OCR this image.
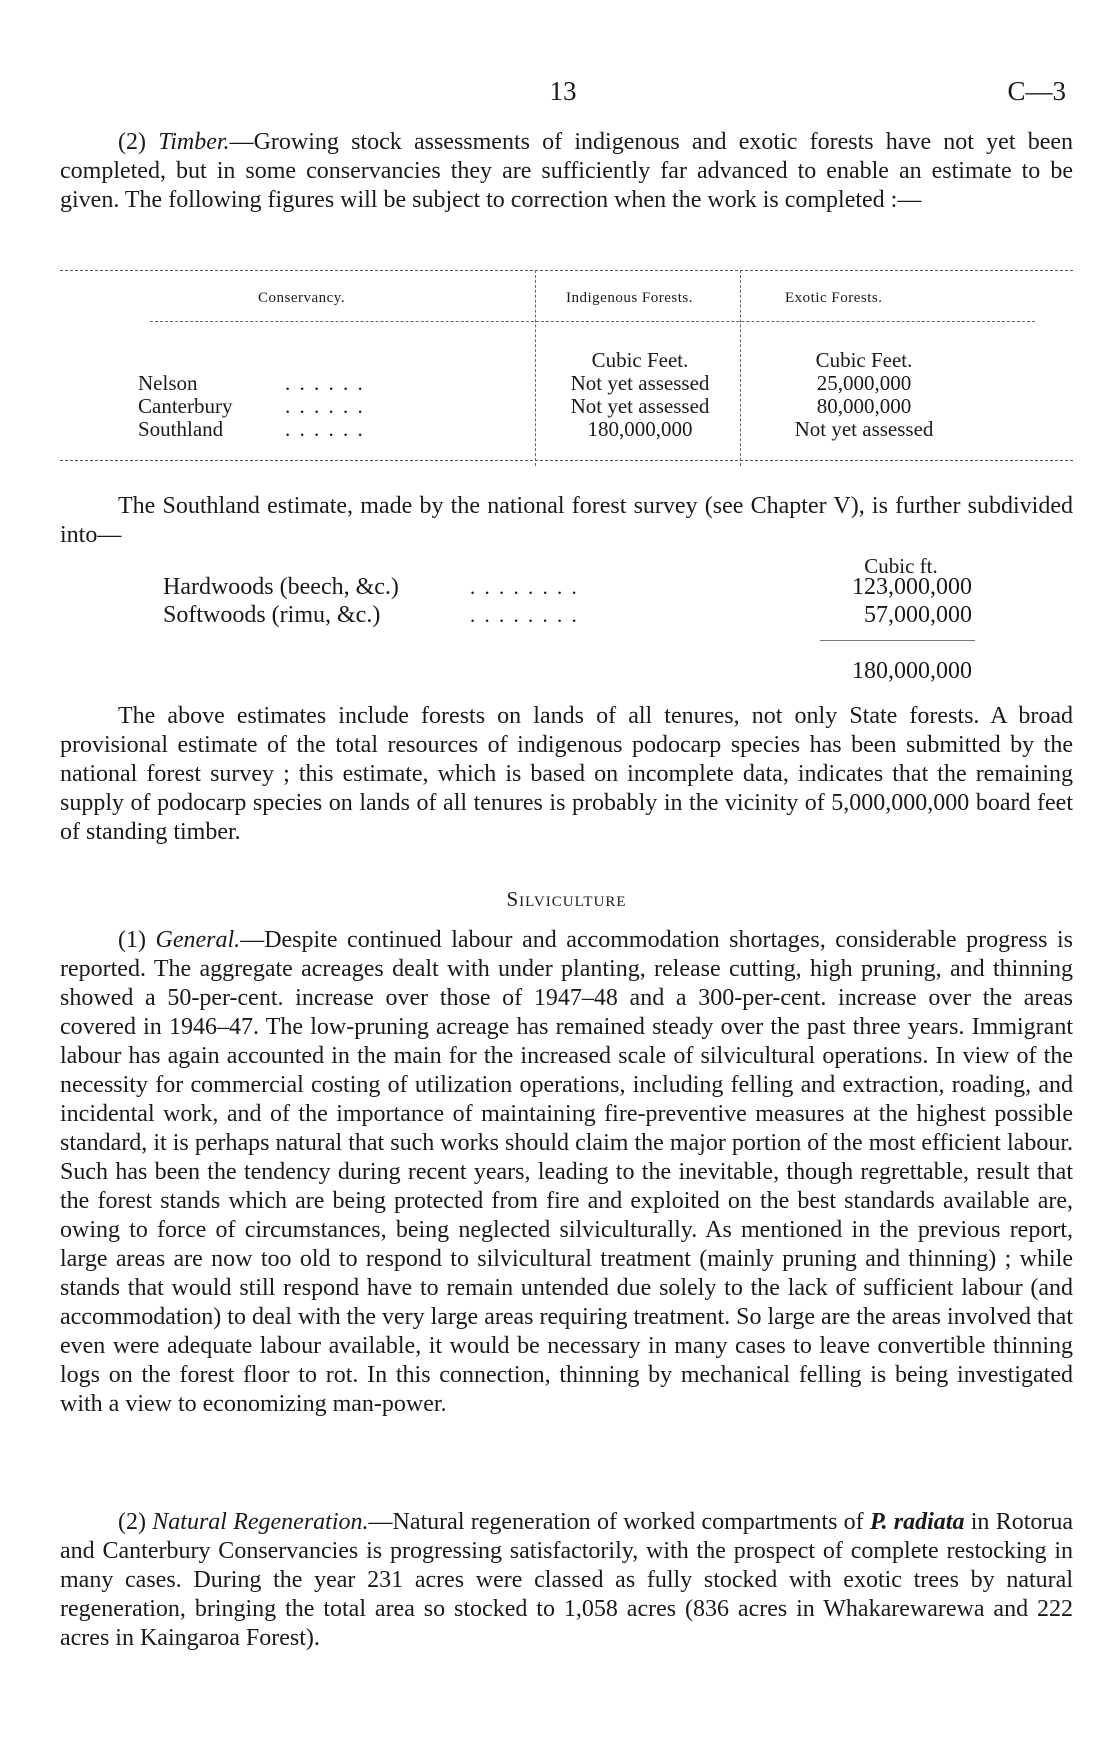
13	C—3

(2) Timber.—Growing stock assessments of indigenous and exotic forests have not yet been completed, but in some conservancies they are sufficiently far advanced to enable an estimate to be given. The following figures will be subject to correction when the work is completed :—

Conservancy.	Indigenous Forests.	Exotic Forests.
Cubic Feet.	Cubic Feet.
Nelson	. . . . . .	Not yet assessed	25,000,000
Canterbury	. . . . . .	Not yet assessed	80,000,000
Southland	. . . . . .	180,000,000	Not yet assessed

The Southland estimate, made by the national forest survey (see Chapter V), is further subdivided into—

Cubic ft.
Hardwoods (beech, &c.)	. . . . . . . .	123,000,000
Softwoods (rimu, &c.)	. . . . . . . .	57,000,000
180,000,000

The above estimates include forests on lands of all tenures, not only State forests. A broad provisional estimate of the total resources of indigenous podocarp species has been submitted by the national forest survey ; this estimate, which is based on incomplete data, indicates that the remaining supply of podocarp species on lands of all tenures is probably in the vicinity of 5,000,000,000 board feet of standing timber.

Silviculture

(1) General.—Despite continued labour and accommodation shortages, considerable progress is reported. The aggregate acreages dealt with under planting, release cutting, high pruning, and thinning showed a 50-per-cent. increase over those of 1947–48 and a 300-per-cent. increase over the areas covered in 1946–47. The low-pruning acreage has remained steady over the past three years. Immigrant labour has again accounted in the main for the increased scale of silvicultural operations. In view of the necessity for commercial costing of utilization operations, including felling and extraction, roading, and incidental work, and of the importance of maintaining fire-preventive measures at the highest possible standard, it is perhaps natural that such works should claim the major portion of the most efficient labour. Such has been the tendency during recent years, leading to the inevitable, though regrettable, result that the forest stands which are being protected from fire and exploited on the best standards available are, owing to force of circumstances, being neglected silviculturally. As mentioned in the previous report, large areas are now too old to respond to silvicultural treatment (mainly pruning and thinning) ; while stands that would still respond have to remain untended due solely to the lack of sufficient labour (and accommodation) to deal with the very large areas requiring treatment. So large are the areas involved that even were adequate labour available, it would be necessary in many cases to leave convertible thinning logs on the forest floor to rot. In this connection, thinning by mechanical felling is being investigated with a view to economizing man-power.

(2) Natural Regeneration.—Natural regeneration of worked compartments of P. radiata in Rotorua and Canterbury Conservancies is progressing satisfactorily, with the prospect of complete restocking in many cases. During the year 231 acres were classed as fully stocked with exotic trees by natural regeneration, bringing the total area so stocked to 1,058 acres (836 acres in Whakarewarewa and 222 acres in Kaingaroa Forest).
